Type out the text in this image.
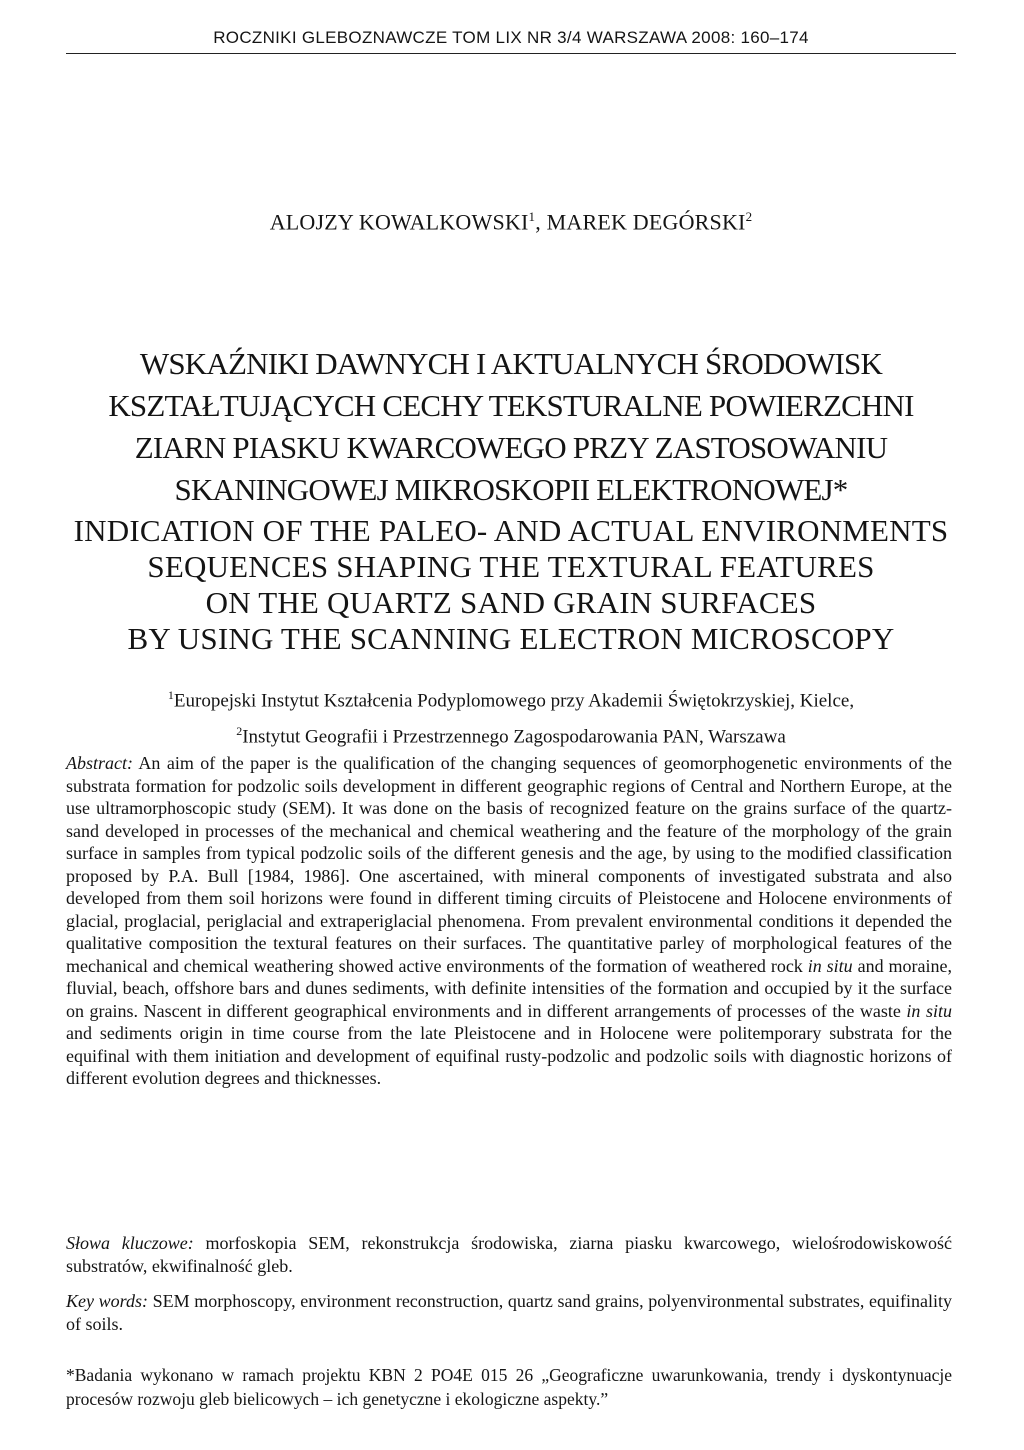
ROCZNIKI GLEBOZNAWCZE TOM LIX NR 3/4 WARSZAWA 2008: 160–174
ALOJZY KOWALKOWSKI$^1$, MAREK DEGÓRSKI$^2$
WSKAŹNIKI DAWNYCH I AKTUALNYCH ŚRODOWISK
KSZTAŁTUJĄCYCH CECHY TEKSTURALNE POWIERZCHNI
ZIARN PIASKU KWARCOWEGO PRZY ZASTOSOWANIU
SKANINGOWEJ MIKROSKOPII ELEKTRONOWEJ*
INDICATION OF THE PALEO- AND ACTUAL ENVIRONMENTS
SEQUENCES SHAPING THE TEXTURAL FEATURES
ON THE QUARTZ SAND GRAIN SURFACES
BY USING THE SCANNING ELECTRON MICROSCOPY
$^1$Europejski Instytut Kształcenia Podyplomowego przy Akademii Świętokrzyskiej, Kielce,
$^2$Instytut Geografii i Przestrzennego Zagospodarowania PAN, Warszawa
Abstract: An aim of the paper is the qualification of the changing sequences of geomorphogenetic environments of the substrata formation for podzolic soils development in different geographic regions of Central and Northern Europe, at the use ultramorphoscopic study (SEM). It was done on the basis of recognized feature on the grains surface of the quartz-sand developed in processes of the mechanical and chemical weathering and the feature of the morphology of the grain surface in samples from typical podzolic soils of the different genesis and the age, by using to the modified classification proposed by P.A. Bull [1984, 1986]. One ascertained, with mineral components of investigated substrata and also developed from them soil horizons were found in different timing circuits of Pleistocene and Holocene environments of glacial, proglacial, periglacial and extraperiglacial phenomena. From prevalent environmental conditions it depended the qualitative composition the textural features on their surfaces. The quantitative parley of morphological features of the mechanical and chemical weathering showed active environments of the formation of weathered rock in situ and moraine, fluvial, beach, offshore bars and dunes sediments, with definite intensities of the formation and occupied by it the surface on grains. Nascent in different geographical environments and in different arrangements of processes of the waste in situ and sediments origin in time course from the late Pleistocene and in Holocene were politemporary substrata for the equifinal with them initiation and development of equifinal rusty-podzolic and podzolic soils with diagnostic horizons of different evolution degrees and thicknesses.
Słowa kluczowe: morfoskopia SEM, rekonstrukcja środowiska, ziarna piasku kwarcowego, wielośrodowiskowość substratów, ekwifinalność gleb.
Key words: SEM morphoscopy, environment reconstruction, quartz sand grains, polyenvironmental substrates, equifinality of soils.
*Badania wykonano w ramach projektu KBN 2 PO4E 015 26 „Geograficzne uwarunkowania, trendy i dyskontynuacje procesów rozwoju gleb bielicowych – ich genetyczne i ekologiczne aspekty.”
